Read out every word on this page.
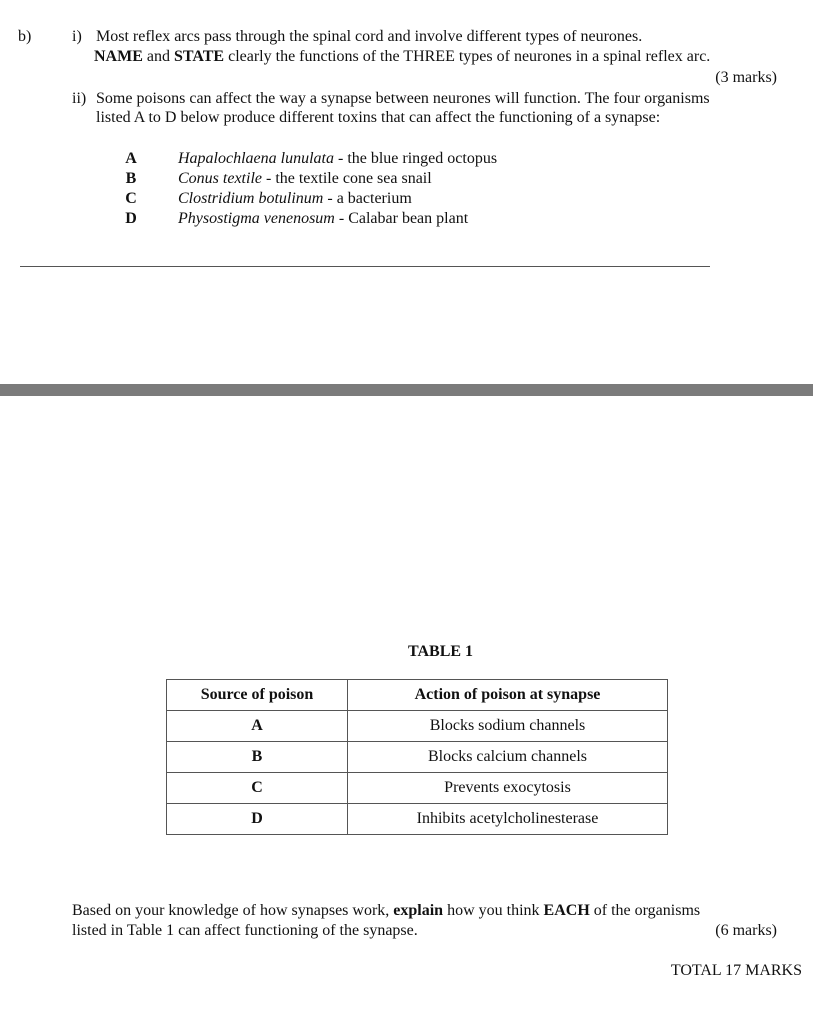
b)	i) Most reflex arcs pass through the spinal cord and involve different types of neurones.
NAME and STATE clearly the functions of the THREE types of neurones in a spinal reflex arc.
(3 marks)
ii) Some poisons can affect the way a synapse between neurones will function. The four organisms
listed A to D below produce different toxins that can affect the functioning of a synapse:
A	Hapalochlaena lunulata - the blue ringed octopus
B	Conus textile - the textile cone sea snail
C	Clostridium botulinum - a bacterium
D	Physostigma venenosum - Calabar bean plant
TABLE 1
Source of poison	Action of poison at synapse
A	Blocks sodium channels
B	Blocks calcium channels
C	Prevents exocytosis
D	Inhibits acetylcholinesterase
Based on your knowledge of how synapses work, explain how you think EACH of the organisms
listed in Table 1 can affect functioning of the synapse.	(6 marks)
TOTAL 17 MARKS
